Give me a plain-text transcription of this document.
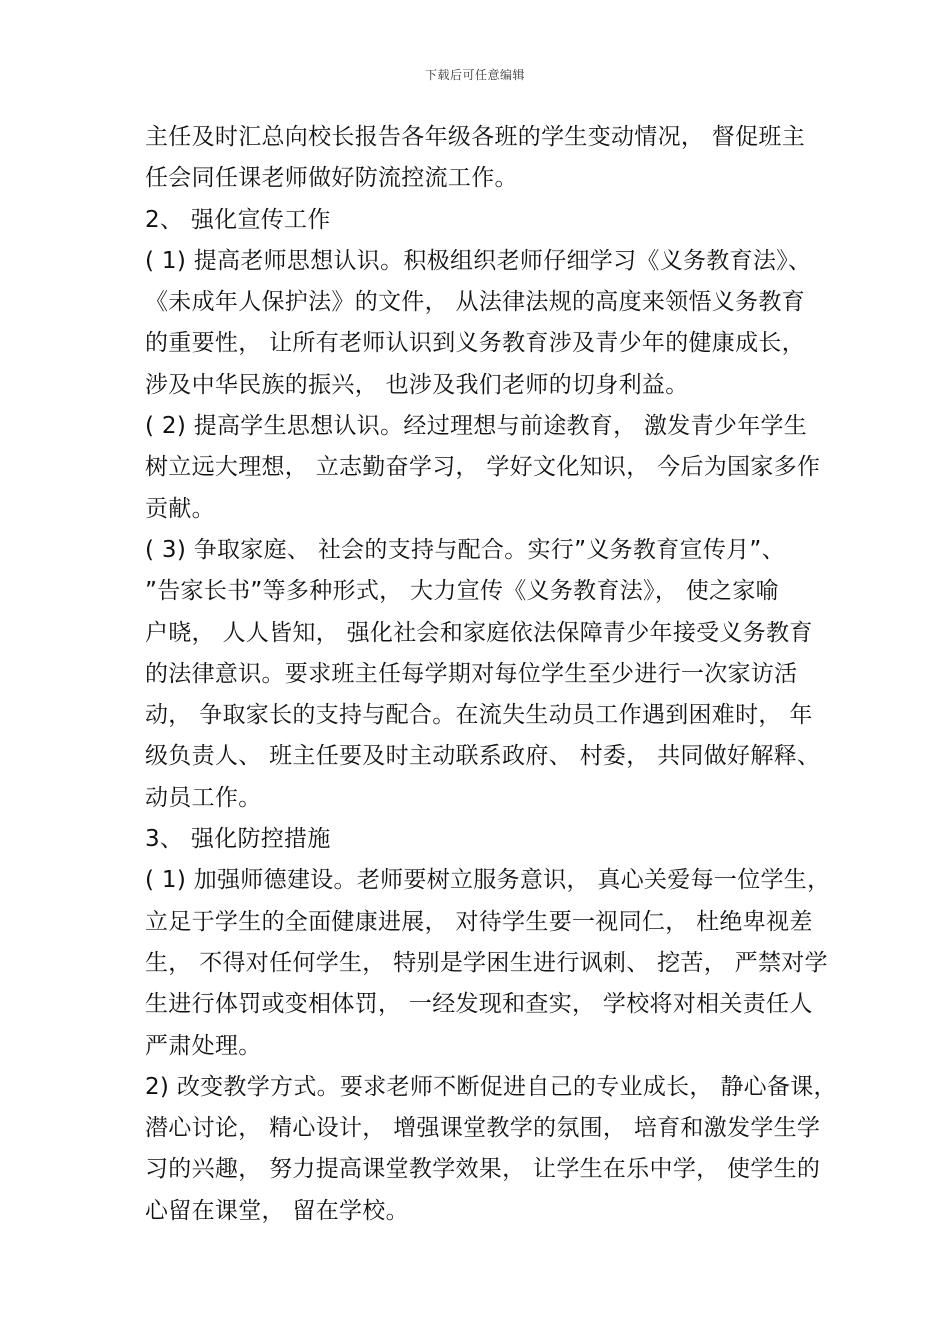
下载后可任意编辑
主任及时汇总向校长报告各年级各班的学生变动情况， 督促班主
任会同任课老师做好防流控流工作。
2、 强化宣传工作
( 1) 提高老师思想认识。积极组织老师仔细学习《义务教育法》、
《未成年人保护法》的文件， 从法律法规的高度来领悟义务教育
的重要性， 让所有老师认识到义务教育涉及青少年的健康成长，
涉及中华民族的振兴， 也涉及我们老师的切身利益。
( 2) 提高学生思想认识。经过理想与前途教育， 激发青少年学生
树立远大理想， 立志勤奋学习， 学好文化知识， 今后为国家多作
贡献。
( 3) 争取家庭、 社会的支持与配合。实行”义务教育宣传月”、
”告家长书”等多种形式， 大力宣传《义务教育法》， 使之家喻
户晓， 人人皆知， 强化社会和家庭依法保障青少年接受义务教育
的法律意识。要求班主任每学期对每位学生至少进行一次家访活
动， 争取家长的支持与配合。在流失生动员工作遇到困难时， 年
级负责人、 班主任要及时主动联系政府、 村委， 共同做好解释、
动员工作。
3、 强化防控措施
( 1) 加强师德建设。老师要树立服务意识， 真心关爱每一位学生，
立足于学生的全面健康进展， 对待学生要一视同仁， 杜绝卑视差
生， 不得对任何学生， 特别是学困生进行讽刺、 挖苦， 严禁对学
生进行体罚或变相体罚， 一经发现和查实， 学校将对相关责任人
严肃处理。
2) 改变教学方式。要求老师不断促进自己的专业成长， 静心备课，
潜心讨论， 精心设计， 增强课堂教学的氛围， 培育和激发学生学
习的兴趣， 努力提高课堂教学效果， 让学生在乐中学， 使学生的
心留在课堂， 留在学校。
